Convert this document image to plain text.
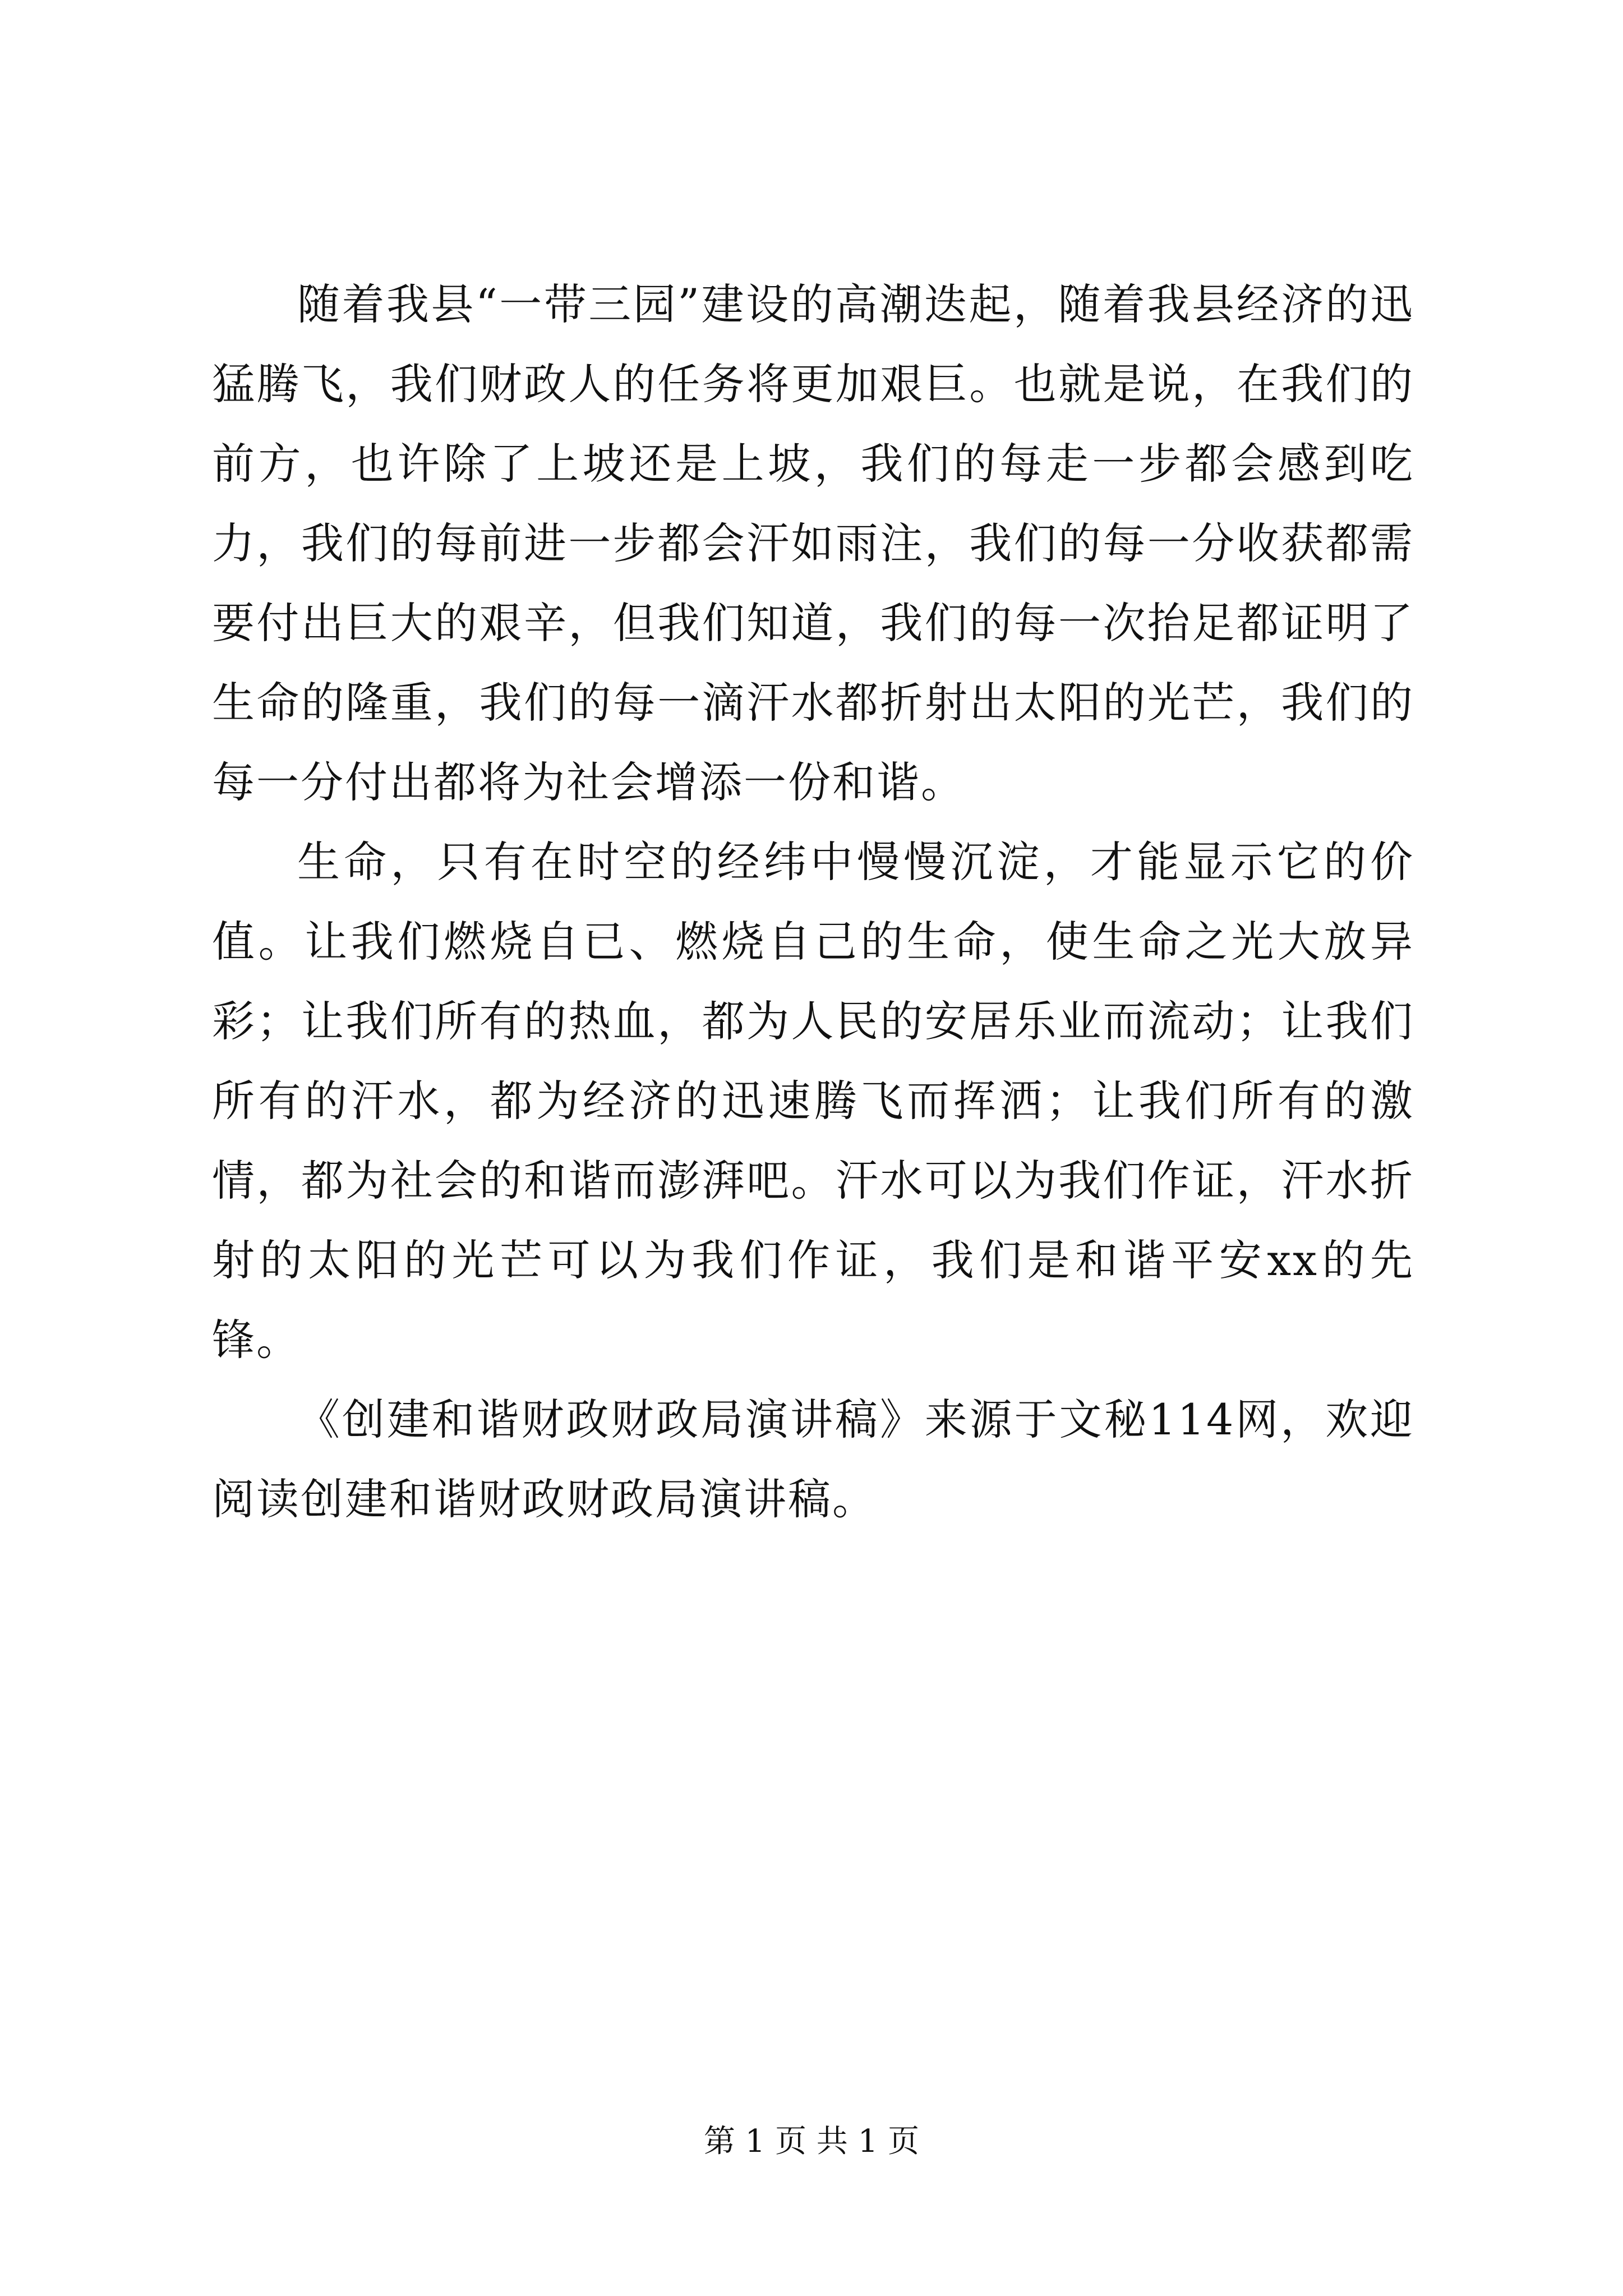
随着我县“一带三园”建设的高潮迭起，随着我县经济的迅猛腾飞，我们财政人的任务将更加艰巨。也就是说，在我们的前方，也许除了上坡还是上坡，我们的每走一步都会感到吃力，我们的每前进一步都会汗如雨注，我们的每一分收获都需要付出巨大的艰辛，但我们知道，我们的每一次抬足都证明了生命的隆重，我们的每一滴汗水都折射出太阳的光芒，我们的每一分付出都将为社会增添一份和谐。

生命，只有在时空的经纬中慢慢沉淀，才能显示它的价值。让我们燃烧自已、燃烧自己的生命，使生命之光大放异彩；让我们所有的热血，都为人民的安居乐业而流动；让我们所有的汗水，都为经济的迅速腾飞而挥洒；让我们所有的激情，都为社会的和谐而澎湃吧。汗水可以为我们作证，汗水折射的太阳的光芒可以为我们作证，我们是和谐平安xx的先锋。

《创建和谐财政财政局演讲稿》来源于文秘114网，欢迎阅读创建和谐财政财政局演讲稿。

第 1 页 共 1 页
